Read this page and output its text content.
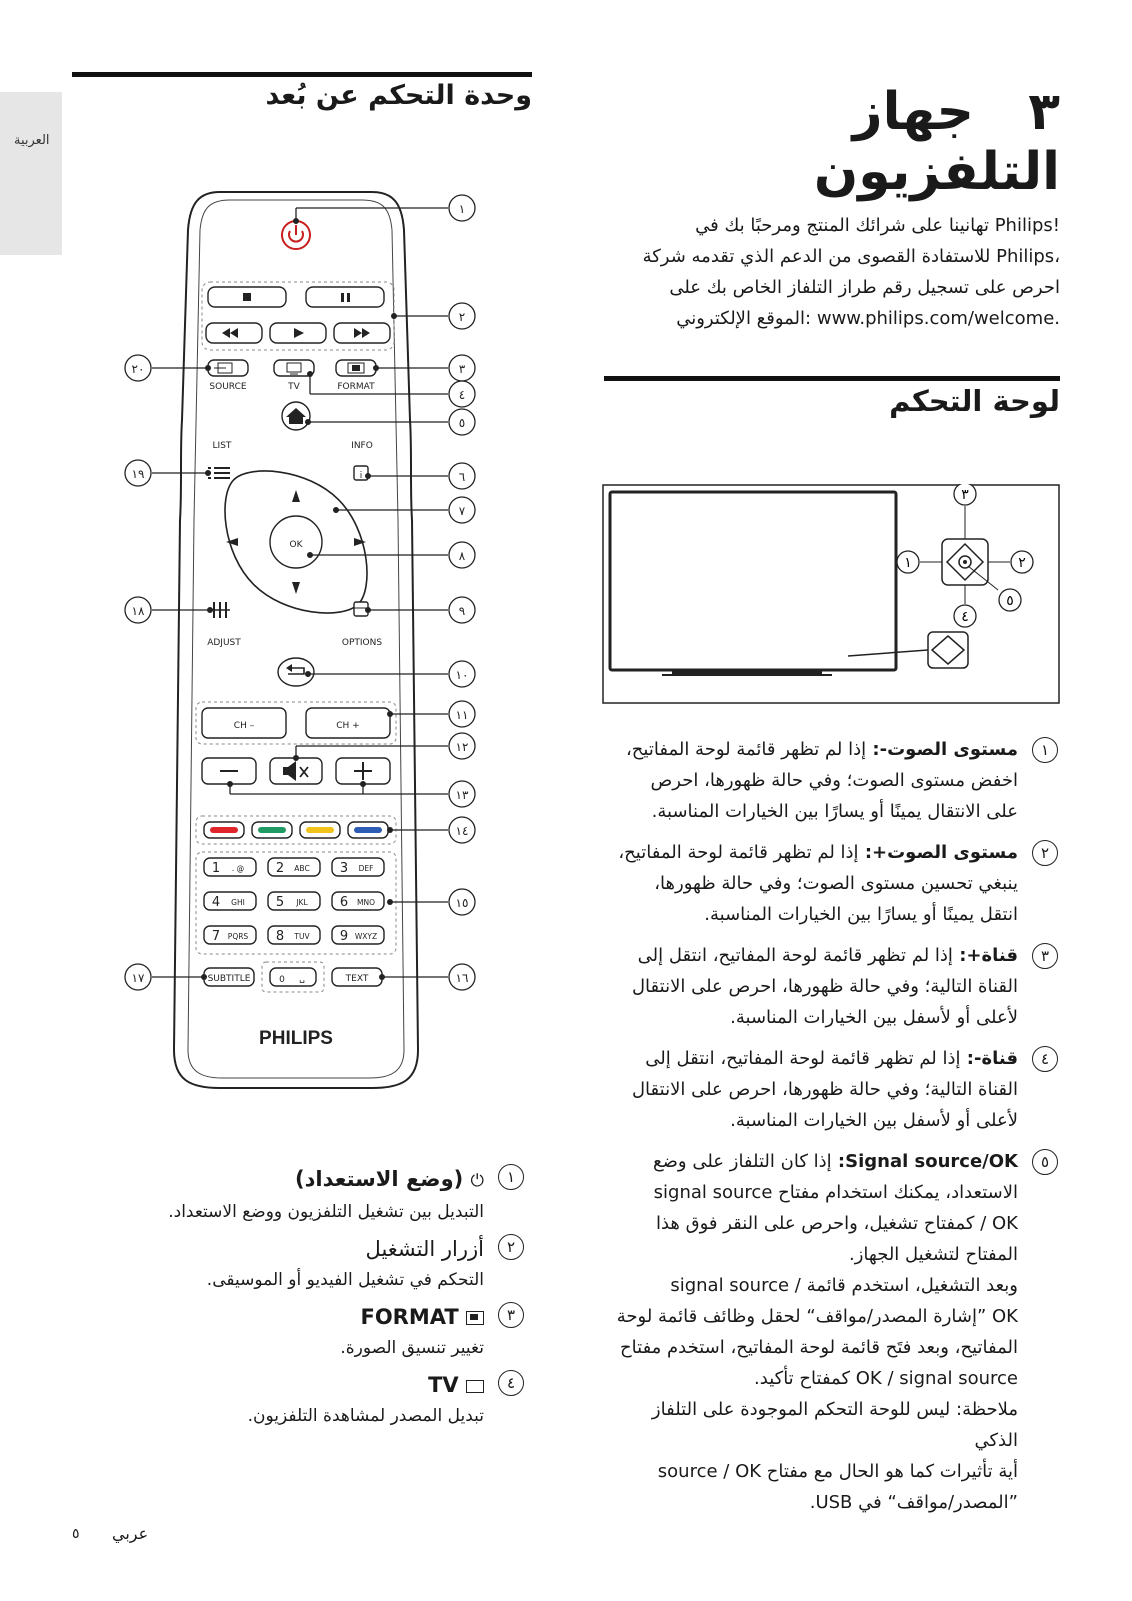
العربية
وحدة التحكم عن بُعد	٣   جهاز التلفزيون
!Philips تهانينا على شرائك المنتج ومرحبًا بك في
،Philips للاستفادة القصوى من الدعم الذي تقدمه شركة
احرص على تسجيل رقم طراز التلفاز الخاص بك على
.www.philips.com/welcome :الموقع الإلكتروني
لوحة التحكم
٣
١	٢
٤
٥
١
مستوى الصوت-: إذا لم تظهر قائمة لوحة المفاتيح،
اخفض مستوى الصوت؛ وفي حالة ظهورها، احرص
على الانتقال يمينًا أو يسارًا بين الخيارات المناسبة.
٢
مستوى الصوت+: إذا لم تظهر قائمة لوحة المفاتيح،
ينبغي تحسين مستوى الصوت؛ وفي حالة ظهورها،
انتقل يمينًا أو يسارًا بين الخيارات المناسبة.
٣
قناة+: إذا لم تظهر قائمة لوحة المفاتيح، انتقل إلى
القناة التالية؛ وفي حالة ظهورها، احرص على الانتقال
لأعلى أو لأسفل بين الخيارات المناسبة.
٤
قناة-: إذا لم تظهر قائمة لوحة المفاتيح، انتقل إلى
القناة التالية؛ وفي حالة ظهورها، احرص على الانتقال
لأعلى أو لأسفل بين الخيارات المناسبة.
٥
Signal source/OK: إذا كان التلفاز على وضع
الاستعداد، يمكنك استخدام مفتاح signal source
OK / كمفتاح تشغيل، واحرص على النقر فوق هذا
المفتاح لتشغيل الجهاز.
وبعد التشغيل، استخدم قائمة / signal source
OK ”إشارة المصدر/مواقف“ لحقل وظائف قائمة لوحة
المفاتيح، وبعد فتَح قائمة لوحة المفاتيح، استخدم مفتاح
OK / signal source كمفتاح تأكيد.
ملاحظة: ليس للوحة التحكم الموجودة على التلفاز الذكي
أية تأثيرات كما هو الحال مع مفتاح source / OK
”المصدر/مواقف“ في USB.
SOURCE	TV	FORMAT
LIST	INFO
i
OK
ADJUST	OPTIONS
CH –	CH +
1 . @ 2 ABC 3 DEF
4 GHI 5 JKL 6 MNO
7 PQRS 8 TUV 9 WXYZ
SUBTITLE	0 ␣	TEXT
PHILIPS
١
٢
٣
٤
٥
٦
٧
٨
٩
١٠
١١
١٢
١٣
١٤
١٥
١٦
١٧
١٨
١٩
٢٠
١
⏻ (وضع الاستعداد)
التبديل بين تشغيل التلفزيون ووضع الاستعداد.
٢
أزرار التشغيل
التحكم في تشغيل الفيديو أو الموسيقى.
٣
FORMAT
تغيير تنسيق الصورة.
٤
TV
تبديل المصدر لمشاهدة التلفزيون.
٥	عربي
